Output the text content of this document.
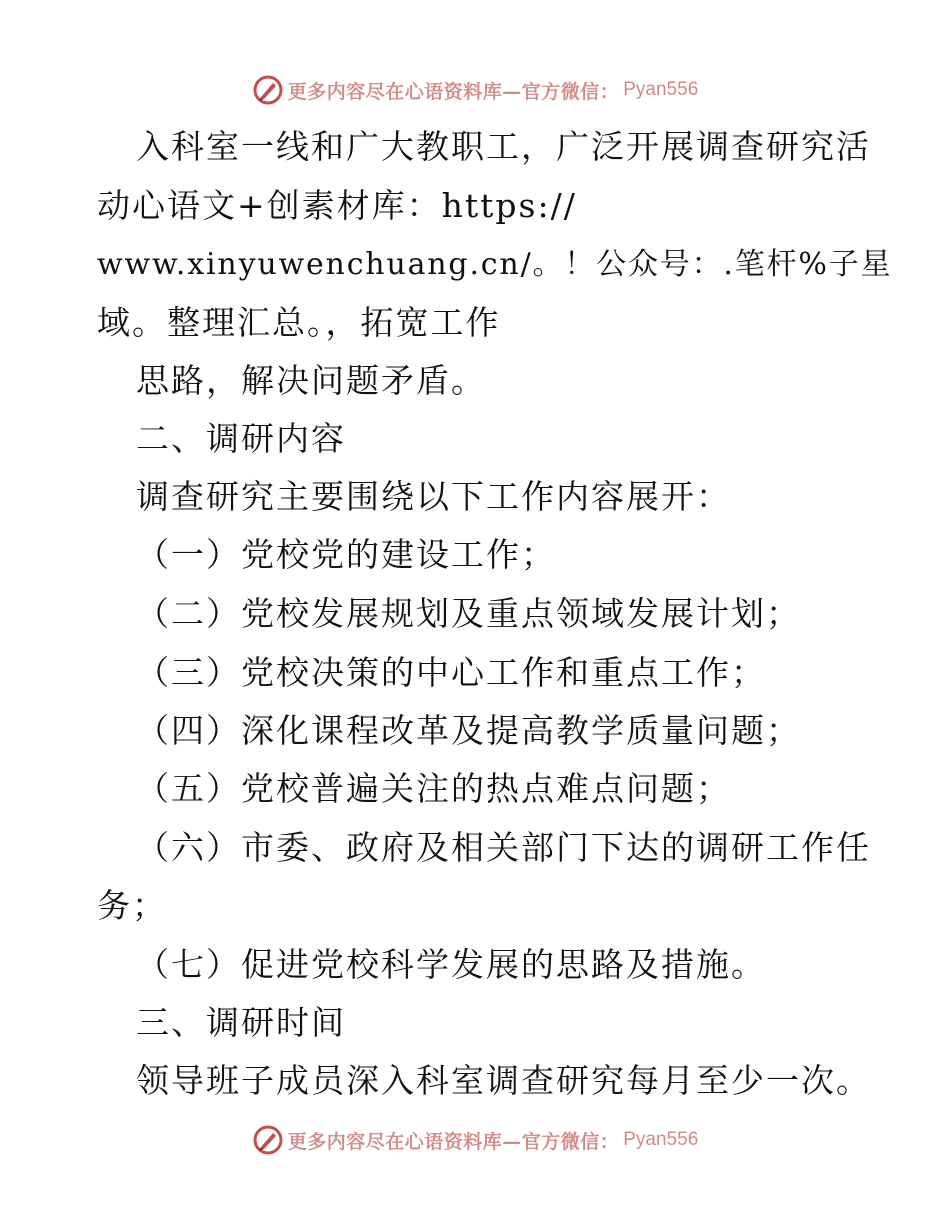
更多内容尽在心语资料库—官方微信： Pyan556
入科室一线和广大教职工，广泛开展调查研究活
动心语文+创素材库：https://
www.xinyuwenchuang.cn/。！公众号：.笔杆%子星
域。整理汇总。，拓宽工作
思路，解决问题矛盾。
二、调研内容
调查研究主要围绕以下工作内容展开：
（一）党校党的建设工作；
（二）党校发展规划及重点领域发展计划；
（三）党校决策的中心工作和重点工作；
（四）深化课程改革及提高教学质量问题；
（五）党校普遍关注的热点难点问题；
（六）市委、政府及相关部门下达的调研工作任
务；
（七）促进党校科学发展的思路及措施。
三、调研时间
领导班子成员深入科室调查研究每月至少一次。
更多内容尽在心语资料库—官方微信： Pyan556
